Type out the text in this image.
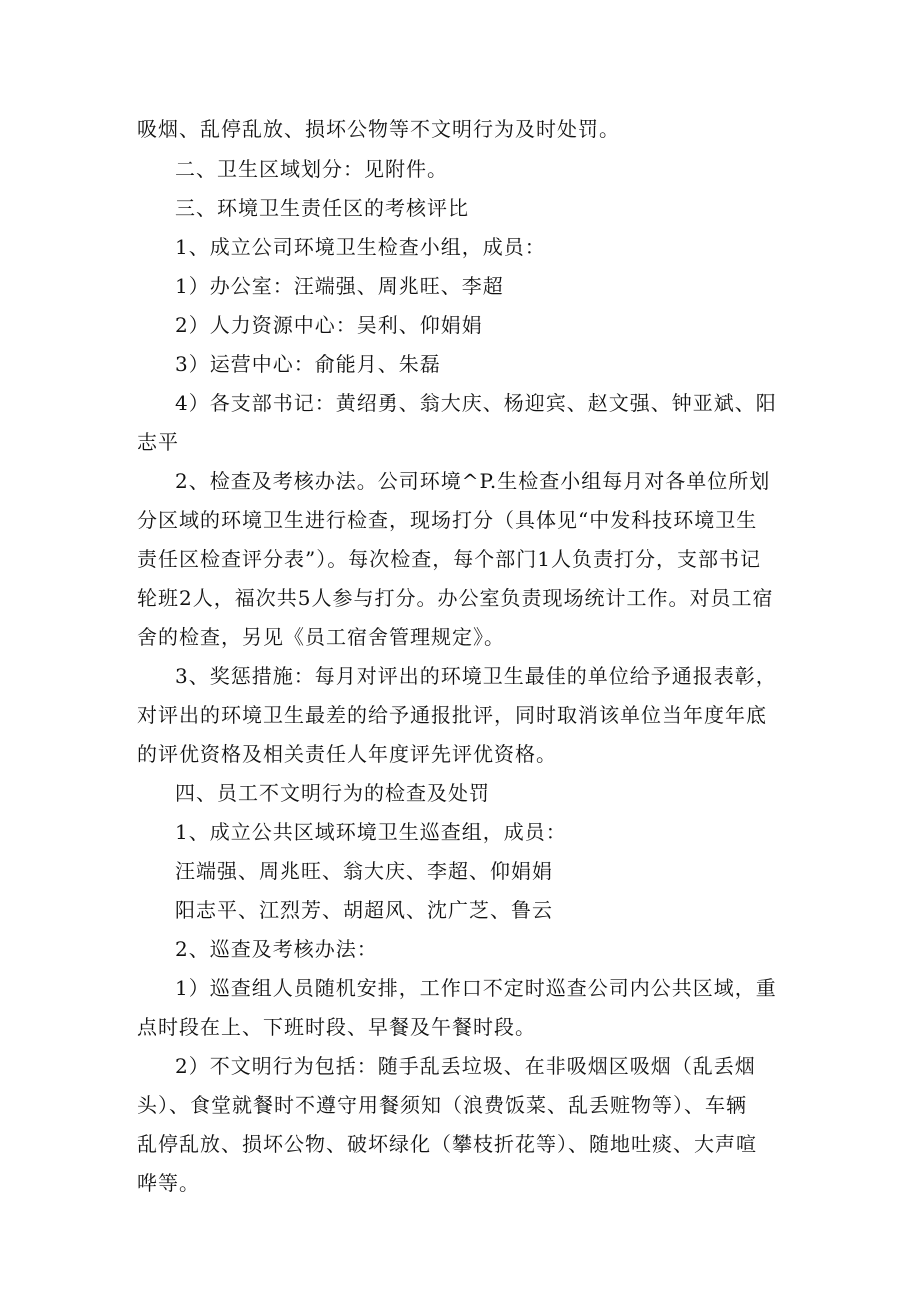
吸烟、乱停乱放、损坏公物等不文明行为及时处罚。
二、卫生区域划分：见附件。
三、环境卫生责任区的考核评比
1、成立公司环境卫生检查小组，成员：
1）办公室：汪端强、周兆旺、李超
2）人力资源中心：吴利、仰娟娟
3）运营中心：俞能月、朱磊
4）各支部书记：黄绍勇、翁大庆、杨迎宾、赵文强、钟亚斌、阳
志平
2、检查及考核办法。公司环境^P.生检查小组每月对各单位所划
分区域的环境卫生进行检查，现场打分（具体见“中发科技环境卫生
责任区检查评分表”）。每次检查，每个部门1人负责打分，支部书记
轮班2人，福次共5人参与打分。办公室负责现场统计工作。对员工宿
舍的检查，另见《员工宿舍管理规定》。
3、奖惩措施：每月对评出的环境卫生最佳的单位给予通报表彰，
对评出的环境卫生最差的给予通报批评，同时取消该单位当年度年底
的评优资格及相关责任人年度评先评优资格。
四、员工不文明行为的检查及处罚
1、成立公共区域环境卫生巡查组，成员：
汪端强、周兆旺、翁大庆、李超、仰娟娟
阳志平、江烈芳、胡超风、沈广芝、鲁云
2、巡查及考核办法：
1）巡查组人员随机安排，工作口不定时巡查公司内公共区域，重
点时段在上、下班时段、早餐及午餐时段。
2）不文明行为包括：随手乱丢垃圾、在非吸烟区吸烟（乱丢烟
头）、食堂就餐时不遵守用餐须知（浪费饭菜、乱丢赃物等）、车辆
乱停乱放、损坏公物、破坏绿化（攀枝折花等）、随地吐痰、大声喧
哗等。
